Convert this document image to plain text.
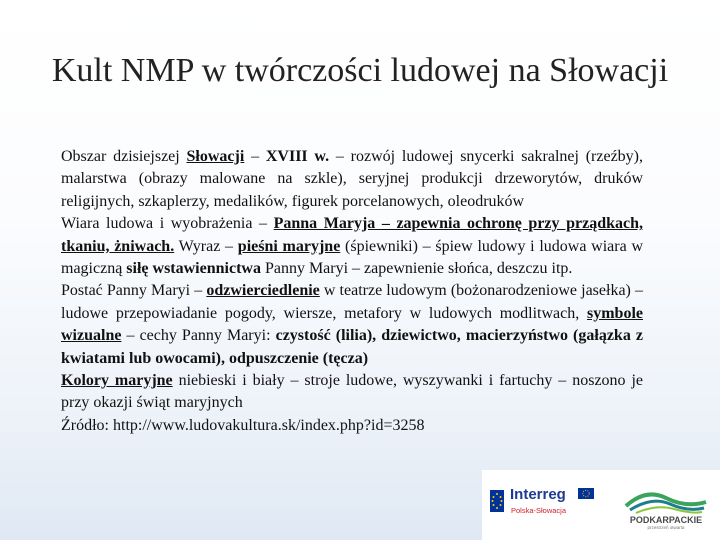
Kult NMP w twórczości ludowej na Słowacji

Obszar dzisiejszej Słowacji – XVIII w. – rozwój ludowej snycerki sakralnej (rzeźby), malarstwa (obrazy malowane na szkle), seryjnej produkcji drzeworytów, druków religijnych, szkaplerzy, medalików, figurek porcelanowych, oleodruków

Wiara ludowa i wyobrażenia – Panna Maryja – zapewnia ochronę przy prządkach, tkaniu, żniwach. Wyraz – pieśni maryjne (śpiewniki) – śpiew ludowy i ludowa wiara w magiczną siłę wstawiennictwa Panny Maryi – zapewnienie słońca, deszczu itp.

Postać Panny Maryi – odzwierciedlenie w teatrze ludowym (bożonarodzeniowe jasełka) – ludowe przepowiadanie pogody, wiersze, metafory w ludowych modlitwach, symbole wizualne – cechy Panny Maryi: czystość (lilia), dziewictwo, macierzyństwo (gałązka z kwiatami lub owocami), odpuszczenie (tęcza)

Kolory maryjne niebieski i biały – stroje ludowe, wyszywanki i fartuchy – noszono je przy okazji świąt maryjnych

Źródło: http://www.ludovakultura.sk/index.php?id=3258

Interreg
Polska-Słowacja
PODKARPACKIE
przestrzeń otwarta
